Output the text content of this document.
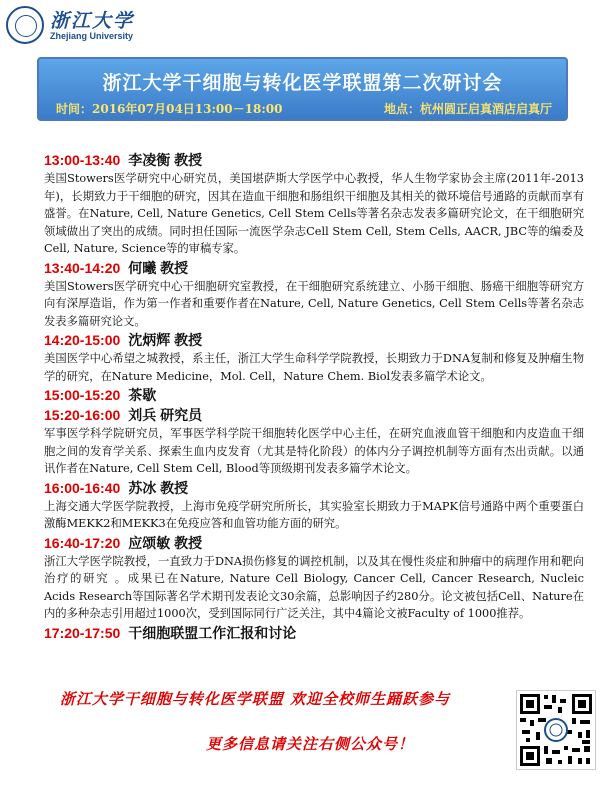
浙江大学
Zhejiang University
浙江大学干细胞与转化医学联盟第二次研讨会
时间：2016年07月04日13:00－18:00	地点：杭州圆正启真酒店启真厅
13:00-13:40 李凌衡 教授

美国Stowers医学研究中心研究员，美国堪萨斯大学医学中心教授，华人生物学家协会主席(2011年-2013年)，长期致力于干细胞的研究，因其在造血干细胞和肠组织干细胞及其相关的微环境信号通路的贡献而享有盛誉。在Nature, Cell, Nature Genetics, Cell Stem Cells等著名杂志发表多篇研究论文，在干细胞研究领域做出了突出的成绩。同时担任国际一流医学杂志Cell Stem Cell, Stem Cells, AACR, JBC等的编委及Cell, Nature, Science等的审稿专家。

13:40-14:20 何曦 教授

美国Stowers医学研究中心干细胞研究室教授，在干细胞研究系统建立、小肠干细胞、肠癌干细胞等研究方向有深厚造诣，作为第一作者和重要作者在Nature, Cell, Nature Genetics, Cell Stem Cells等著名杂志发表多篇研究论文。

14:20-15:00 沈炳辉 教授

美国医学中心希望之城教授，系主任，浙江大学生命科学学院教授，长期致力于DNA复制和修复及肿瘤生物学的研究，在Nature Medicine，Mol. Cell，Nature Chem. Biol发表多篇学术论文。

15:00-15:20 茶歇
15:20-16:00 刘兵 研究员

军事医学科学院研究员，军事医学科学院干细胞转化医学中心主任，在研究血液血管干细胞和内皮造血干细胞之间的发育学关系、探索生血内皮发育（尤其是特化阶段）的体内分子调控机制等方面有杰出贡献。以通讯作者在Nature, Cell Stem Cell, Blood等顶级期刊发表多篇学术论文。

16:00-16:40 苏冰 教授

上海交通大学医学院教授，上海市免疫学研究所所长，其实验室长期致力于MAPK信号通路中两个重要蛋白激酶MEKK2和MEKK3在免疫应答和血管功能方面的研究。

16:40-17:20 应颂敏 教授

浙江大学医学院教授，一直致力于DNA损伤修复的调控机制，以及其在慢性炎症和肿瘤中的病理作用和靶向治疗的研究 。成果已在Nature, Nature Cell Biology, Cancer Cell, Cancer Research, Nucleic Acids Research等国际著名学术期刊发表论文30余篇，总影响因子约280分。论文被包括Cell、Nature在内的多种杂志引用超过1000次，受到国际同行广泛关注，其中4篇论文被Faculty of 1000推荐。

17:20-17:50 干细胞联盟工作汇报和讨论
浙江大学干细胞与转化医学联盟 欢迎全校师生踊跃参与
更多信息请关注右侧公众号！
